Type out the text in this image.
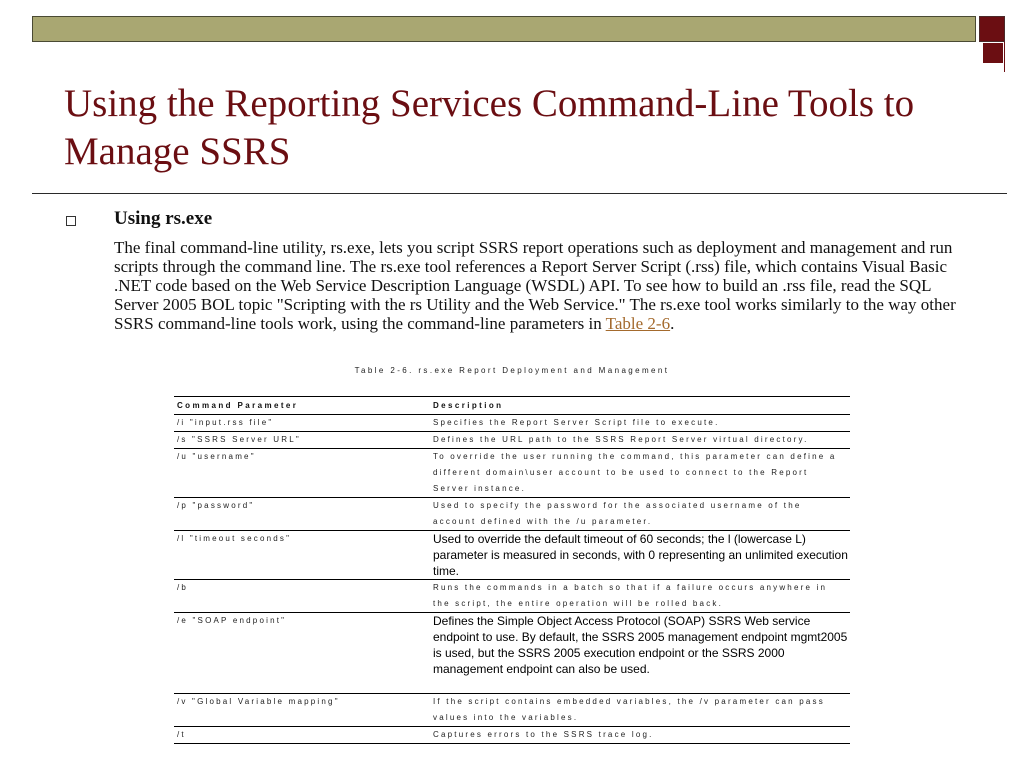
Using the Reporting Services Command-Line Tools to Manage SSRS
Using rs.exe

The final command-line utility, rs.exe, lets you script SSRS report operations such as deployment and management and run scripts through the command line. The rs.exe tool references a Report Server Script (.rss) file, which contains Visual Basic .NET code based on the Web Service Description Language (WSDL) API. To see how to build an .rss file, read the SQL Server 2005 BOL topic "Scripting with the rs Utility and the Web Service." The rs.exe tool works similarly to the way other SSRS command-line tools work, using the command-line parameters in Table 2-6.

Table 2-6. rs.exe Report Deployment and Management

Command Parameter	Description
/i "input.rss file"	Specifies the Report Server Script file to execute.
/s "SSRS Server URL"	Defines the URL path to the SSRS Report Server virtual directory.
/u "username"	To override the user running the command, this parameter can define a different domain\user account to be used to connect to the Report Server instance.
/p "password"	Used to specify the password for the associated username of the account defined with the /u parameter.
/l "timeout seconds"	Used to override the default timeout of 60 seconds; the l (lowercase L) parameter is measured in seconds, with 0 representing an unlimited execution time.
/b	Runs the commands in a batch so that if a failure occurs anywhere in the script, the entire operation will be rolled back.
/e "SOAP endpoint"	Defines the Simple Object Access Protocol (SOAP) SSRS Web service endpoint to use. By default, the SSRS 2005 management endpoint mgmt2005 is used, but the SSRS 2005 execution endpoint or the SSRS 2000 management endpoint can also be used.
/v "Global Variable mapping"	If the script contains embedded variables, the /v parameter can pass values into the variables.
/t	Captures errors to the SSRS trace log.
